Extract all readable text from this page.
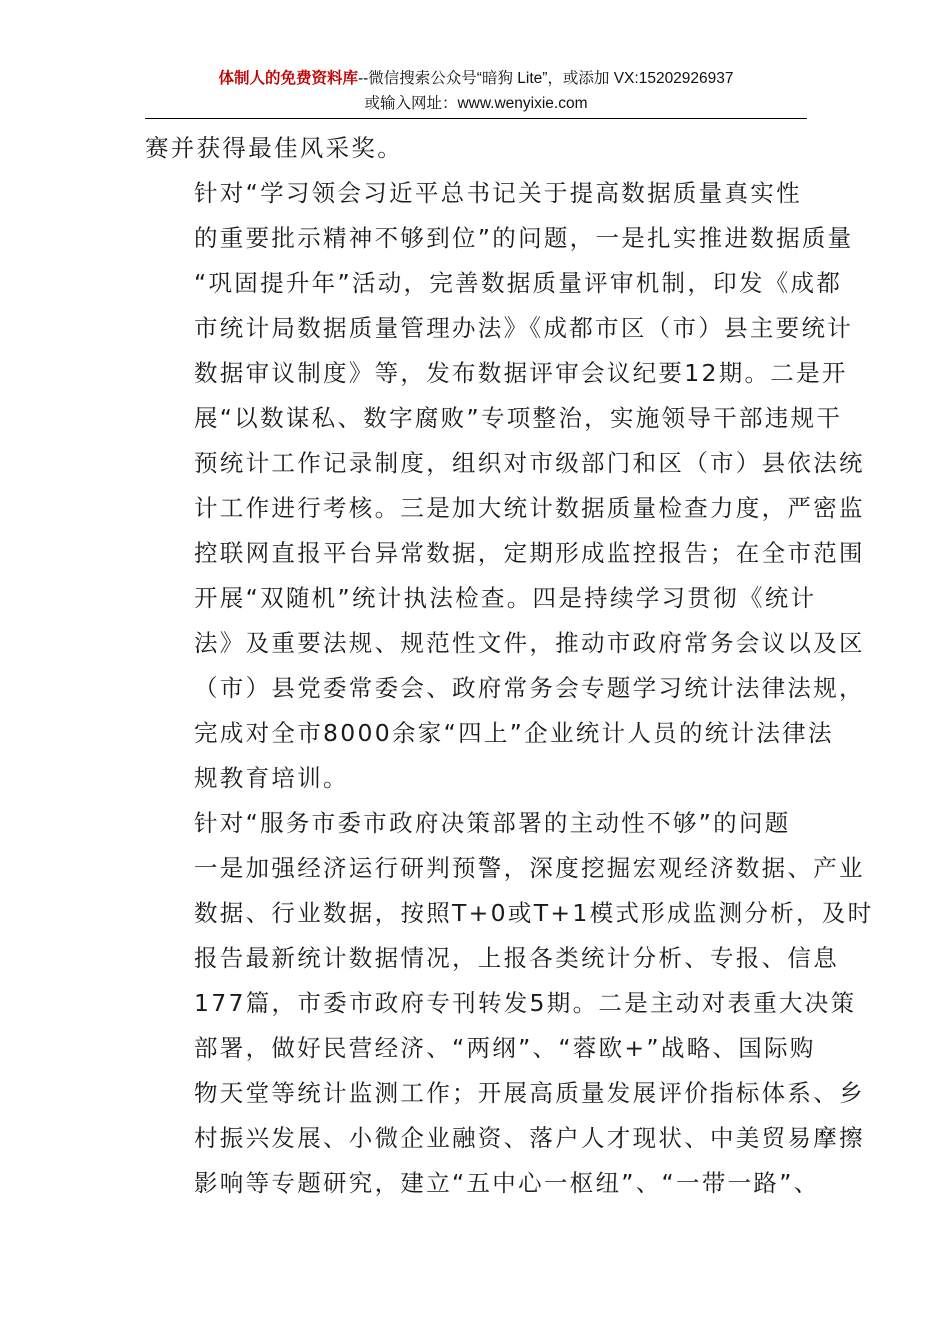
体制人的免费资料库--微信搜索公众号“暗狗 Lite”，或添加 VX:15202926937
或输入网址：www.wenyixie.com

赛并获得最佳风采奖。

针对“学习领会习近平总书记关于提高数据质量真实性
的重要批示精神不够到位”的问题，一是扎实推进数据质量
“巩固提升年”活动，完善数据质量评审机制，印发《成都
市统计局数据质量管理办法》《成都市区（市）县主要统计
数据审议制度》等，发布数据评审会议纪要12期。二是开
展“以数谋私、数字腐败”专项整治，实施领导干部违规干
预统计工作记录制度，组织对市级部门和区（市）县依法统
计工作进行考核。三是加大统计数据质量检查力度，严密监
控联网直报平台异常数据，定期形成监控报告；在全市范围
开展“双随机”统计执法检查。四是持续学习贯彻《统计
法》及重要法规、规范性文件，推动市政府常务会议以及区
（市）县党委常委会、政府常务会专题学习统计法律法规，
完成对全市8000余家“四上”企业统计人员的统计法律法
规教育培训。

针对“服务市委市政府决策部署的主动性不够”的问题
一是加强经济运行研判预警，深度挖掘宏观经济数据、产业
数据、行业数据，按照T+0或T+1模式形成监测分析，及时
报告最新统计数据情况，上报各类统计分析、专报、信息
177篇，市委市政府专刊转发5期。二是主动对表重大决策
部署，做好民营经济、“两纲”、“蓉欧+”战略、国际购
物天堂等统计监测工作；开展高质量发展评价指标体系、乡
村振兴发展、小微企业融资、落户人才现状、中美贸易摩擦
影响等专题研究，建立“五中心一枢纽”、“一带一路”、
